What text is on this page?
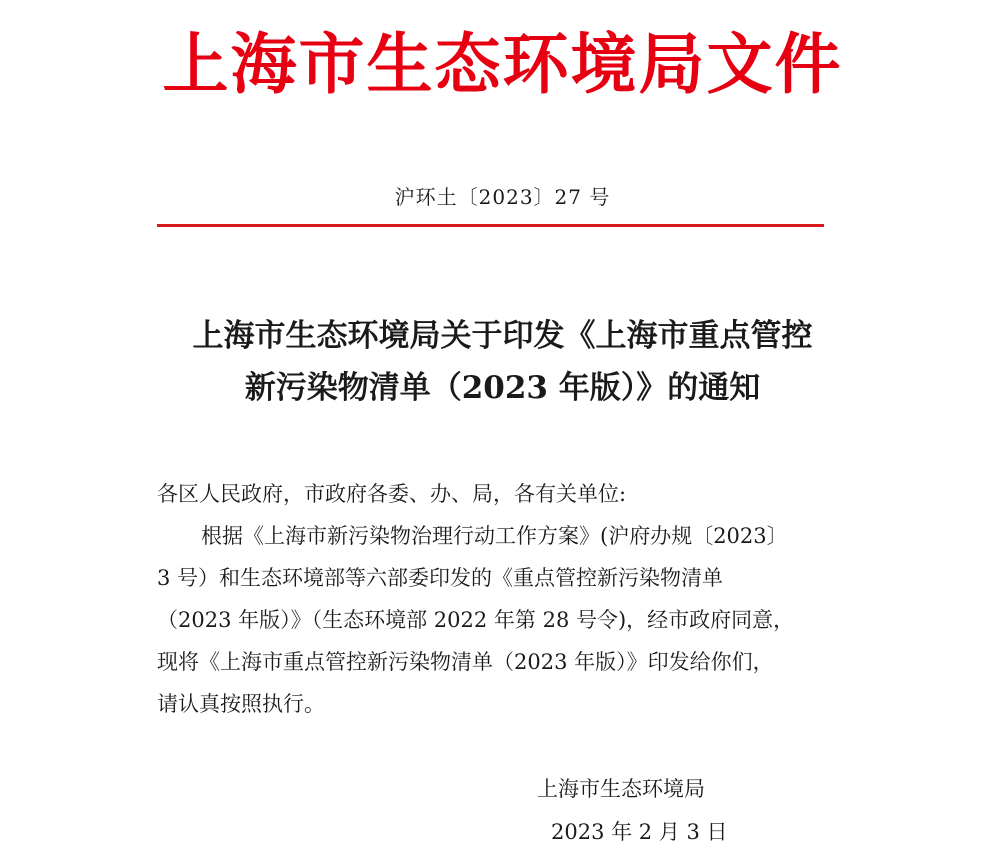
上海市生态环境局文件
沪环土〔2023〕27 号
上海市生态环境局关于印发《上海市重点管控
新污染物清单（2023 年版）》的通知
各区人民政府，市政府各委、办、局，各有关单位:
根据《上海市新污染物治理行动工作方案》(沪府办规〔2023〕
3 号）和生态环境部等六部委印发的《重点管控新污染物清单
（2023 年版）》（生态环境部 2022 年第 28 号令)，经市政府同意，
现将《上海市重点管控新污染物清单（2023 年版）》印发给你们，
请认真按照执行。
上海市生态环境局
2023 年 2 月 3 日
